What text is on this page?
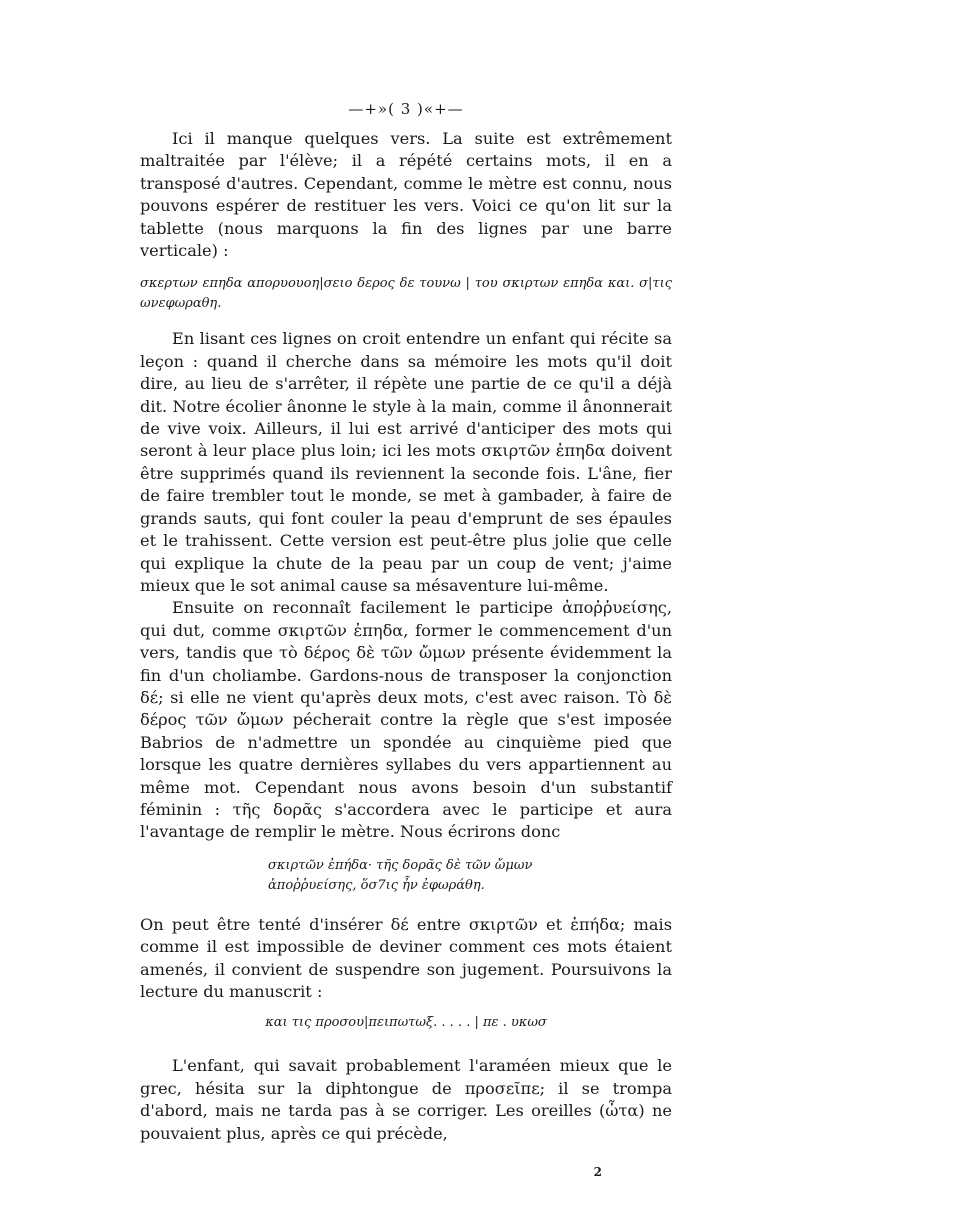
—+»( 3 )«+—

Ici il manque quelques vers. La suite est extrêmement maltraitée par l'élève; il a répété certains mots, il en a transposé d'autres. Cependant, comme le mètre est connu, nous pouvons espérer de restituer les vers. Voici ce qu'on lit sur la tablette (nous marquons la fin des lignes par une barre verticale) :

σκερτων επηδα απορυουοη|σειο δερος δε τουνω | του σκιρτων επηδα και. σ|τις ωνεφωραθη.

En lisant ces lignes on croit entendre un enfant qui récite sa leçon : quand il cherche dans sa mémoire les mots qu'il doit dire, au lieu de s'arrêter, il répète une partie de ce qu'il a déjà dit. Notre écolier ânonne le style à la main, comme il ânonnerait de vive voix. Ailleurs, il lui est arrivé d'anticiper des mots qui seront à leur place plus loin; ici les mots σκιρτῶν ἐπηδα doivent être supprimés quand ils reviennent la seconde fois. L'âne, fier de faire trembler tout le monde, se met à gambader, à faire de grands sauts, qui font couler la peau d'emprunt de ses épaules et le trahissent. Cette version est peut-être plus jolie que celle qui explique la chute de la peau par un coup de vent; j'aime mieux que le sot animal cause sa mésaventure lui-même.

Ensuite on reconnaît facilement le participe ἀποῤῥυείσης, qui dut, comme σκιρτῶν ἐπηδα, former le commencement d'un vers, tandis que τὸ δέρος δὲ τῶν ὤμων présente évidemment la fin d'un choliambe. Gardons-nous de transposer la conjonction δέ; si elle ne vient qu'après deux mots, c'est avec raison. Τὸ δὲ δέρος τῶν ὤμων pécherait contre la règle que s'est imposée Babrios de n'admettre un spondée au cinquième pied que lorsque les quatre dernières syllabes du vers appartiennent au même mot. Cependant nous avons besoin d'un substantif féminin : τῆς δορᾶς s'accordera avec le participe et aura l'avantage de remplir le mètre. Nous écrirons donc

σκιρτῶν ἐπήδα· τῆς δορᾶς δὲ τῶν ὤμων
ἀποῤῥυείσης, ὅσ7ις ἦν ἐφωράθη.

On peut être tenté d'insérer δέ entre σκιρτῶν et ἐπήδα; mais comme il est impossible de deviner comment ces mots étaient amenés, il convient de suspendre son jugement. Poursuivons la lecture du manuscrit :

και τις προσου|πειπωτωξ. . . . . | πε . υκωσ

L'enfant, qui savait probablement l'araméen mieux que le grec, hésita sur la diphtongue de προσεῖπε; il se trompa d'abord, mais ne tarda pas à se corriger. Les oreilles (ὦτα) ne pouvaient plus, après ce qui précède,

2
